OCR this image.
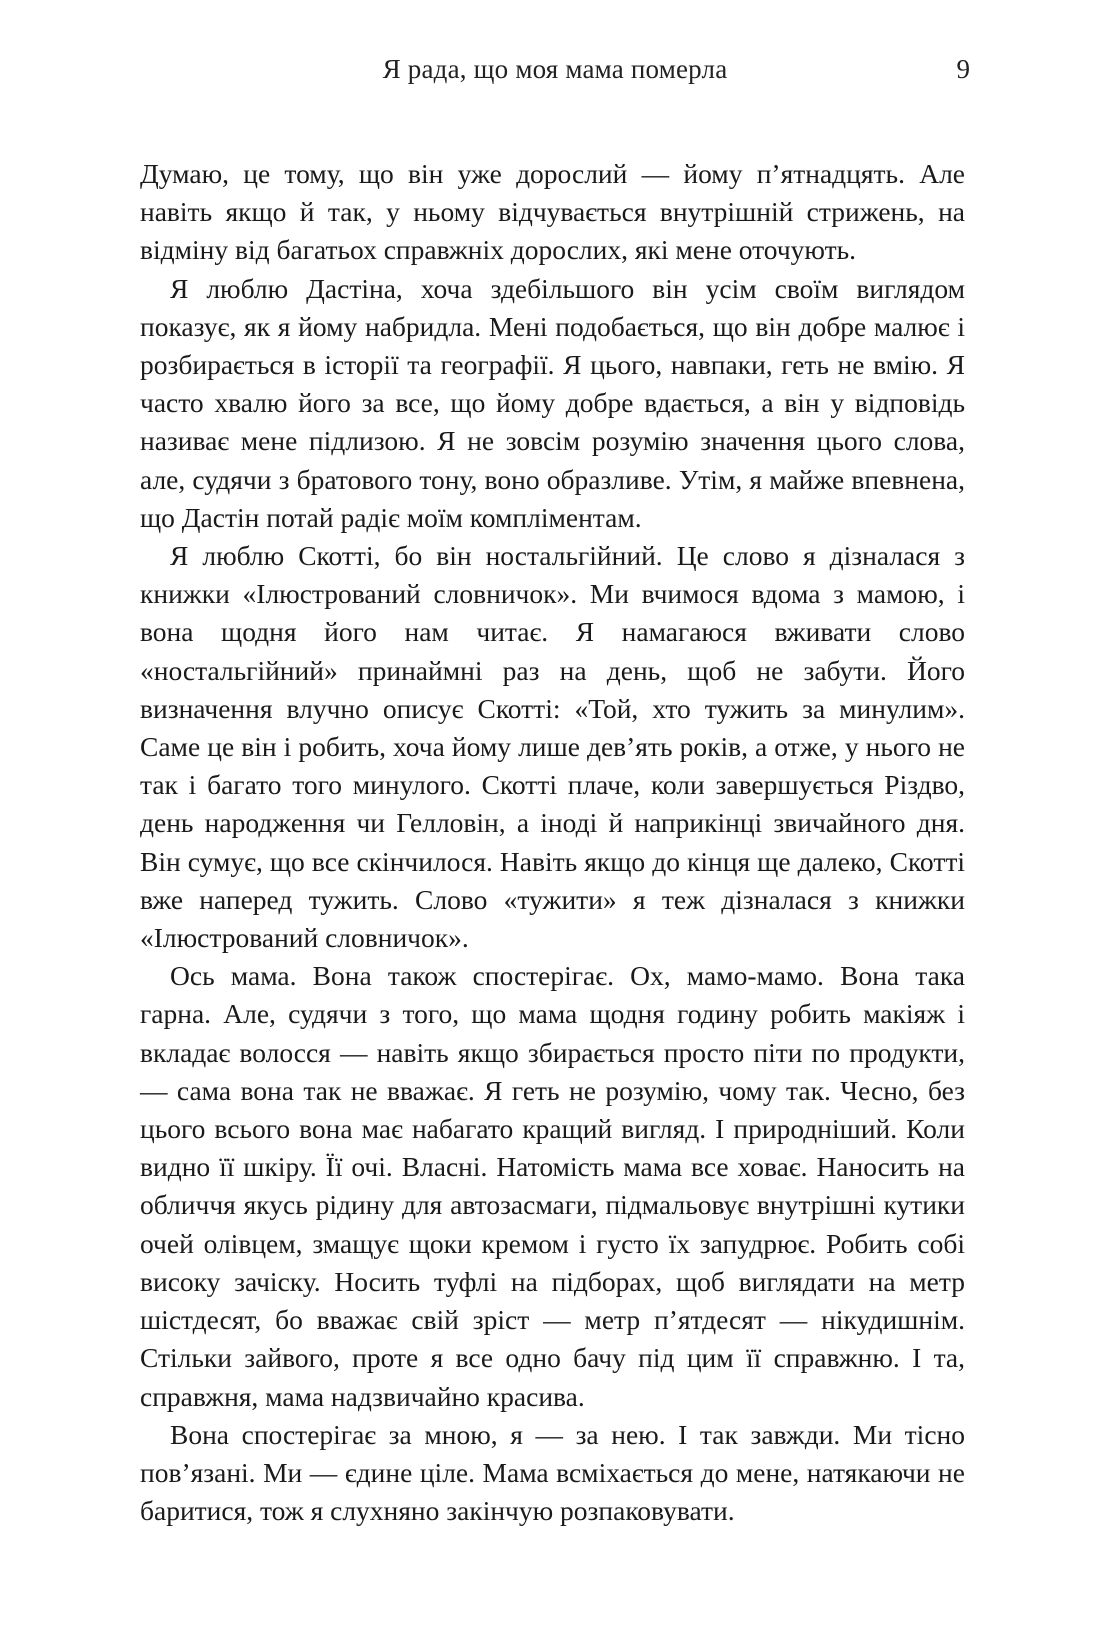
Я рада, що моя мама померла	9

Думаю, це тому, що він уже дорослий — йому п’ятнадцять. Але навіть якщо й так, у ньому відчувається внутрішній стрижень, на відміну від багатьох справжніх дорослих, які мене оточують.

Я люблю Дастіна, хоча здебільшого він усім своїм виглядом показує, як я йому набридла. Мені подобається, що він добре малює і розбирається в історії та географії. Я цього, навпаки, геть не вмію. Я часто хвалю його за все, що йому добре вдається, а він у відповідь називає мене підлизою. Я не зовсім розумію значення цього слова, але, судячи з братового тону, воно образливе. Утім, я майже впевнена, що Дастін потай радіє моїм компліментам.

Я люблю Скотті, бо він ностальгійний. Це слово я дізналася з книжки «Ілюстрований словничок». Ми вчимося вдома з мамою, і вона щодня його нам читає. Я намагаюся вживати слово «ностальгійний» принаймні раз на день, щоб не забути. Його визначення влучно описує Скотті: «Той, хто тужить за минулим». Саме це він і робить, хоча йому лише дев’ять років, а отже, у нього не так і багато того минулого. Скотті плаче, коли завершується Різдво, день народження чи Гелловін, а іноді й наприкінці звичайного дня. Він сумує, що все скінчилося. Навіть якщо до кінця ще далеко, Скотті вже наперед тужить. Слово «тужити» я теж дізналася з книжки «Ілюстрований словничок».

Ось мама. Вона також спостерігає. Ох, мамо-мамо. Вона така гарна. Але, судячи з того, що мама щодня годину робить макіяж і вкладає волосся — навіть якщо збирається просто піти по продукти, — сама вона так не вважає. Я геть не розумію, чому так. Чесно, без цього всього вона має набагато кращий вигляд. І природніший. Коли видно її шкіру. Її очі. Власні. Натомість мама все ховає. Наносить на обличчя якусь рідину для автозасмаги, підмальовує внутрішні кутики очей олівцем, змащує щоки кремом і густо їх запудрює. Робить собі високу зачіску. Носить туфлі на підборах, щоб виглядати на метр шістдесят, бо вважає свій зріст — метр п’ятдесят — нікудишнім. Стільки зайвого, проте я все одно бачу під цим її справжню. І та, справжня, мама надзвичайно красива.

Вона спостерігає за мною, я — за нею. І так завжди. Ми тісно пов’язані. Ми — єдине ціле. Мама всміхається до мене, натякаючи не баритися, тож я слухняно закінчую розпаковувати.
